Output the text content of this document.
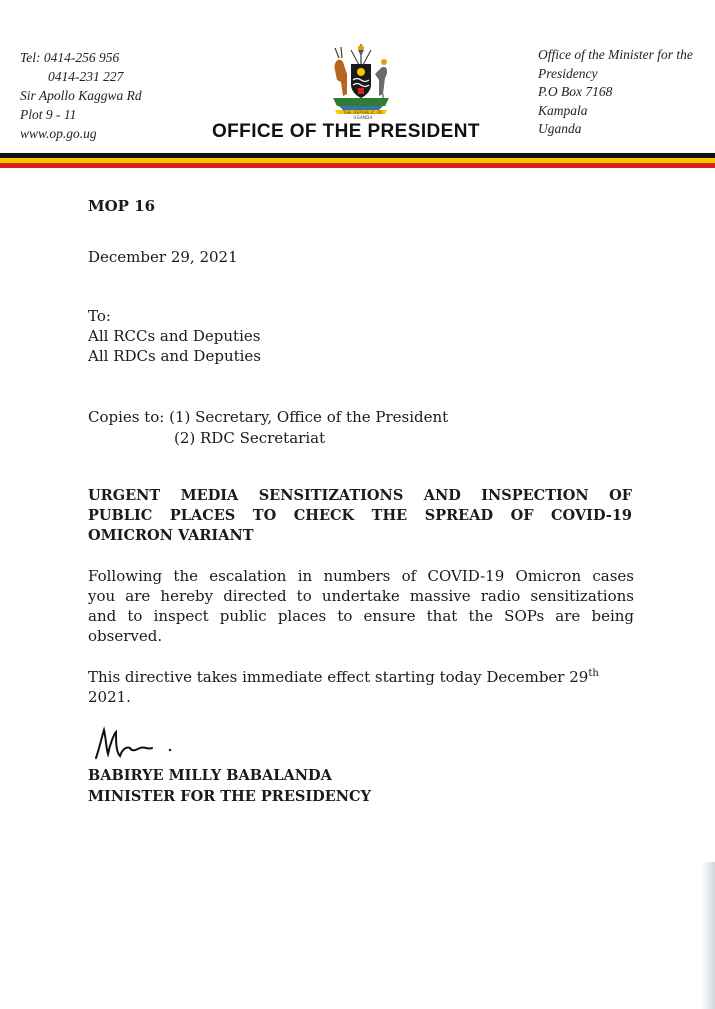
Tel: 0414-256 956
0414-231 227
Sir Apollo Kaggwa Rd
Plot 9 - 11
www.op.go.ug
THE REPUBLIC OF UGANDA
Office of the Minister for the
Presidency
P.O Box 7168
Kampala
Uganda
OFFICE OF THE PRESIDENT
MOP 16
December 29, 2021
To:
All RCCs and Deputies
All RDCs and Deputies
Copies to: (1) Secretary, Office of the President
(2) RDC Secretariat
URGENT MEDIA SENSITIZATIONS AND INSPECTION OF
PUBLIC PLACES TO CHECK THE SPREAD OF COVID-19
OMICRON VARIANT
Following the escalation in numbers of COVID-19 Omicron cases
you are hereby directed to undertake massive radio sensitizations
and to inspect public places to ensure that the SOPs are being
observed.
This directive takes immediate effect starting today December 29th
2021.
BABIRYE MILLY BABALANDA
MINISTER FOR THE PRESIDENCY
